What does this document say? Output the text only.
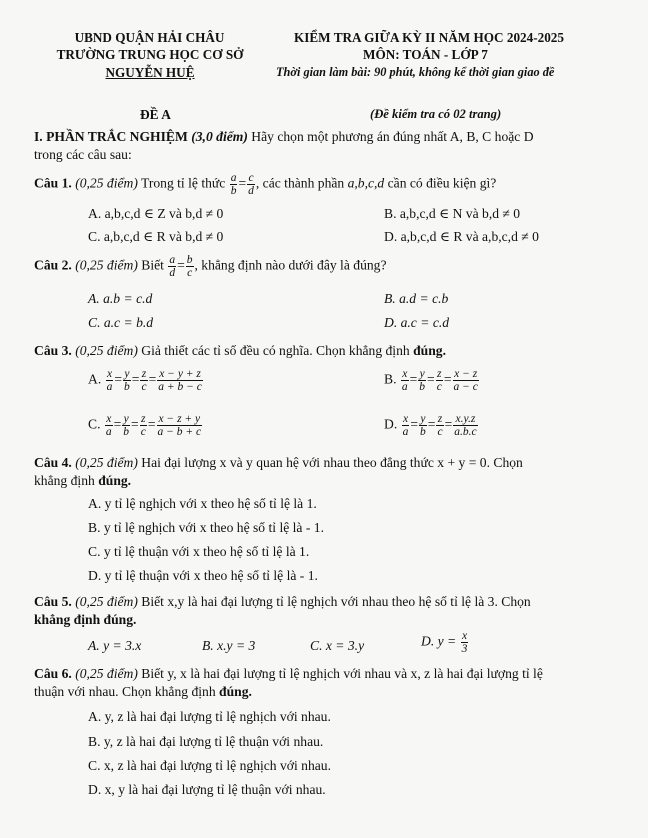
UBND QUẬN HẢI CHÂU
TRƯỜNG TRUNG HỌC CƠ SỞ
NGUYỄN HUỆ
KIỂM TRA GIỮA KỲ II NĂM HỌC 2024-2025
MÔN: TOÁN - LỚP 7
Thời gian làm bài: 90 phút, không kể thời gian giao đề
ĐỀ A	(Đề kiểm tra có 02 trang)
I. PHẦN TRẮC NGHIỆM (3,0 điểm) Hãy chọn một phương án đúng nhất A, B, C hoặc D
trong các câu sau:
Câu 1. (0,25 điểm) Trong tỉ lệ thức $\frac{a}{b} = \frac{c}{d}$ , các thành phần a,b,c,d cần có điều kiện gì?
A. a,b,c,d ∈ Z và b,d ≠ 0	B. a,b,c,d ∈ N và b,d ≠ 0
C. a,b,c,d ∈ R và b,d ≠ 0	D. a,b,c,d ∈ R và a,b,c,d ≠ 0
Câu 2. (0,25 điểm) Biết $\frac{a}{d} = \frac{b}{c}$ , khẳng định nào dưới đây là đúng?
A. a.b = c.d	B. a.d = c.b
C. a.c = b.d	D. a.c = c.d
Câu 3. (0,25 điểm) Giả thiết các tỉ số đều có nghĩa. Chọn khẳng định đúng.
A. $\frac{x}{a} = \frac{y}{b} = \frac{z}{c} = \frac{x - y + z}{a + b - c}$	B. $\frac{x}{a} = \frac{y}{b} = \frac{z}{c} = \frac{x - z}{a - c}$
C. $\frac{x}{a} = \frac{y}{b} = \frac{z}{c} = \frac{x - z + y}{a - b + c}$	D. $\frac{x}{a} = \frac{y}{b} = \frac{z}{c} = \frac{x.y.z}{a.b.c}$
Câu 4. (0,25 điểm) Hai đại lượng x và y quan hệ với nhau theo đẳng thức x + y = 0. Chọn
khẳng định đúng.
A. y tỉ lệ nghịch với x theo hệ số tỉ lệ là 1.
B. y tỉ lệ nghịch với x theo hệ số tỉ lệ là - 1.
C. y tỉ lệ thuận với x theo hệ số tỉ lệ là 1.
D. y tỉ lệ thuận với x theo hệ số tỉ lệ là - 1.
Câu 5. (0,25 điểm) Biết x,y là hai đại lượng tỉ lệ nghịch với nhau theo hệ số tỉ lệ là 3. Chọn
khẳng định đúng.
A. y = 3.x	B. x.y = 3	C. x = 3.y	D. $y = \frac{x}{3}$
Câu 6. (0,25 điểm) Biết y, x là hai đại lượng tỉ lệ nghịch với nhau và x, z là hai đại lượng tỉ lệ
thuận với nhau. Chọn khẳng định đúng.
A. y, z là hai đại lượng tỉ lệ nghịch với nhau.
B. y, z là hai đại lượng tỉ lệ thuận với nhau.
C. x, z là hai đại lượng tỉ lệ nghịch với nhau.
D. x, y là hai đại lượng tỉ lệ thuận với nhau.
